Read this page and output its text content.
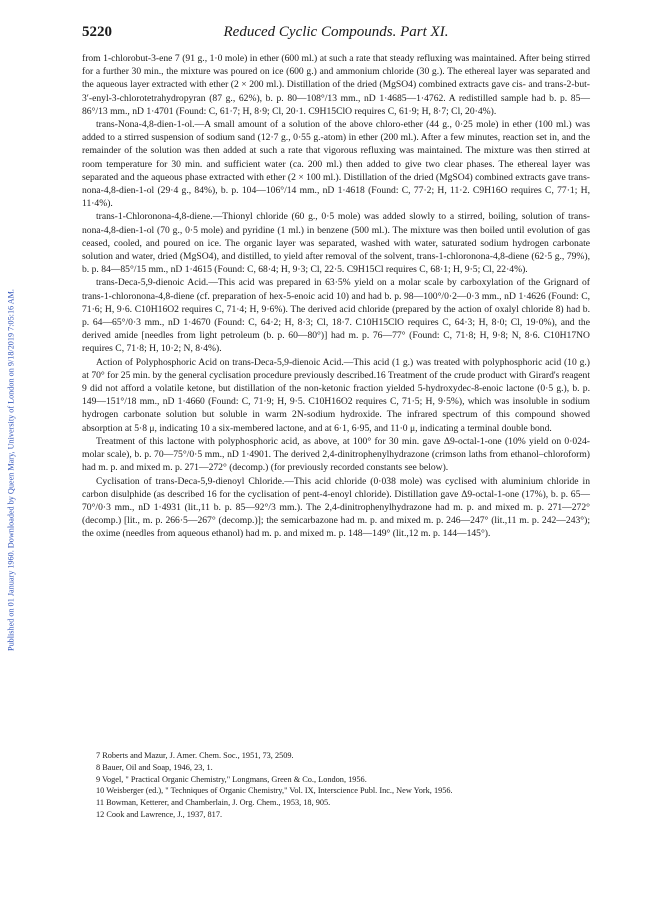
Published on 01 January 1960. Downloaded by Queen Mary, University of London on 9/18/2019 7:05:16 AM.
5220	Reduced Cyclic Compounds. Part XI.

from 1-chlorobut-3-ene 7 (91 g., 1·0 mole) in ether (600 ml.) at such a rate that steady refluxing was maintained. After being stirred for a further 30 min., the mixture was poured on ice (600 g.) and ammonium chloride (30 g.). The ethereal layer was separated and the aqueous layer extracted with ether (2 × 200 ml.). Distillation of the dried (MgSO4) combined extracts gave cis- and trans-2-but-3′-enyl-3-chlorotetrahydropyran (87 g., 62%), b. p. 80—108°/13 mm., nD 1·4685—1·4762. A redistilled sample had b. p. 85—86°/13 mm., nD 1·4701 (Found: C, 61·7; H, 8·9; Cl, 20·1. C9H15ClO requires C, 61·9; H, 8·7; Cl, 20·4%).

trans-Nona-4,8-dien-1-ol.—A small amount of a solution of the above chloro-ether (44 g., 0·25 mole) in ether (100 ml.) was added to a stirred suspension of sodium sand (12·7 g., 0·55 g.-atom) in ether (200 ml.). After a few minutes, reaction set in, and the remainder of the solution was then added at such a rate that vigorous refluxing was maintained. The mixture was then stirred at room temperature for 30 min. and sufficient water (ca. 200 ml.) then added to give two clear phases. The ethereal layer was separated and the aqueous phase extracted with ether (2 × 100 ml.). Distillation of the dried (MgSO4) combined extracts gave trans-nona-4,8-dien-1-ol (29·4 g., 84%), b. p. 104—106°/14 mm., nD 1·4618 (Found: C, 77·2; H, 11·2. C9H16O requires C, 77·1; H, 11·4%).

trans-1-Chlorononа-4,8-diene.—Thionyl chloride (60 g., 0·5 mole) was added slowly to a stirred, boiling, solution of trans-nona-4,8-dien-1-ol (70 g., 0·5 mole) and pyridine (1 ml.) in benzene (500 ml.). The mixture was then boiled until evolution of gas ceased, cooled, and poured on ice. The organic layer was separated, washed with water, saturated sodium hydrogen carbonate solution and water, dried (MgSO4), and distilled, to yield after removal of the solvent, trans-1-chlorononа-4,8-diene (62·5 g., 79%), b. p. 84—85°/15 mm., nD 1·4615 (Found: C, 68·4; H, 9·3; Cl, 22·5. C9H15Cl requires C, 68·1; H, 9·5; Cl, 22·4%).

trans-Deca-5,9-dienoic Acid.—This acid was prepared in 63·5% yield on a molar scale by carboxylation of the Grignard of trans-1-chlorononа-4,8-diene (cf. preparation of hex-5-enoic acid 10) and had b. p. 98—100°/0·2—0·3 mm., nD 1·4626 (Found: C, 71·6; H, 9·6. C10H16O2 requires C, 71·4; H, 9·6%). The derived acid chloride (prepared by the action of oxalyl chloride 8) had b. p. 64—65°/0·3 mm., nD 1·4670 (Found: C, 64·2; H, 8·3; Cl, 18·7. C10H15ClO requires C, 64·3; H, 8·0; Cl, 19·0%), and the derived amide [needles from light petroleum (b. p. 60—80°)] had m. p. 76—77° (Found: C, 71·8; H, 9·8; N, 8·6. C10H17NO requires C, 71·8; H, 10·2; N, 8·4%).

Action of Polyphosphoric Acid on trans-Deca-5,9-dienoic Acid.—This acid (1 g.) was treated with polyphosphoric acid (10 g.) at 70° for 25 min. by the general cyclisation procedure previously described.16 Treatment of the crude product with Girard's reagent 9 did not afford a volatile ketone, but distillation of the non-ketonic fraction yielded 5-hydroxydec-8-enoic lactone (0·5 g.), b. p. 149—151°/18 mm., nD 1·4660 (Found: C, 71·9; H, 9·5. C10H16O2 requires C, 71·5; H, 9·5%), which was insoluble in sodium hydrogen carbonate solution but soluble in warm 2N-sodium hydroxide. The infrared spectrum of this compound showed absorption at 5·8 μ, indicating 10 a six-membered lactone, and at 6·1, 6·95, and 11·0 μ, indicating a terminal double bond.

Treatment of this lactone with polyphosphoric acid, as above, at 100° for 30 min. gave Δ9-octal-1-one (10% yield on 0·024-molar scale), b. p. 70—75°/0·5 mm., nD 1·4901. The derived 2,4-dinitrophenylhydrazone (crimson laths from ethanol–chloroform) had m. p. and mixed m. p. 271—272° (decomp.) (for previously recorded constants see below).

Cyclisation of trans-Deca-5,9-dienoyl Chloride.—This acid chloride (0·038 mole) was cyclised with aluminium chloride in carbon disulphide (as described 16 for the cyclisation of pent-4-enoyl chloride). Distillation gave Δ9-octal-1-one (17%), b. p. 65—70°/0·3 mm., nD 1·4931 (lit.,11 b. p. 85—92°/3 mm.). The 2,4-dinitrophenylhydrazone had m. p. and mixed m. p. 271—272° (decomp.) [lit., m. p. 266·5—267° (decomp.)]; the semicarbazone had m. p. and mixed m. p. 246—247° (lit.,11 m. p. 242—243°); the oxime (needles from aqueous ethanol) had m. p. and mixed m. p. 148—149° (lit.,12 m. p. 144—145°).

7 Roberts and Mazur, J. Amer. Chem. Soc., 1951, 73, 2509.

8 Bauer, Oil and Soap, 1946, 23, 1.

9 Vogel, " Practical Organic Chemistry," Longmans, Green & Co., London, 1956.

10 Weisberger (ed.), " Techniques of Organic Chemistry," Vol. IX, Interscience Publ. Inc., New York, 1956.

11 Bowman, Ketterer, and Chamberlain, J. Org. Chem., 1953, 18, 905.

12 Cook and Lawrence, J., 1937, 817.
